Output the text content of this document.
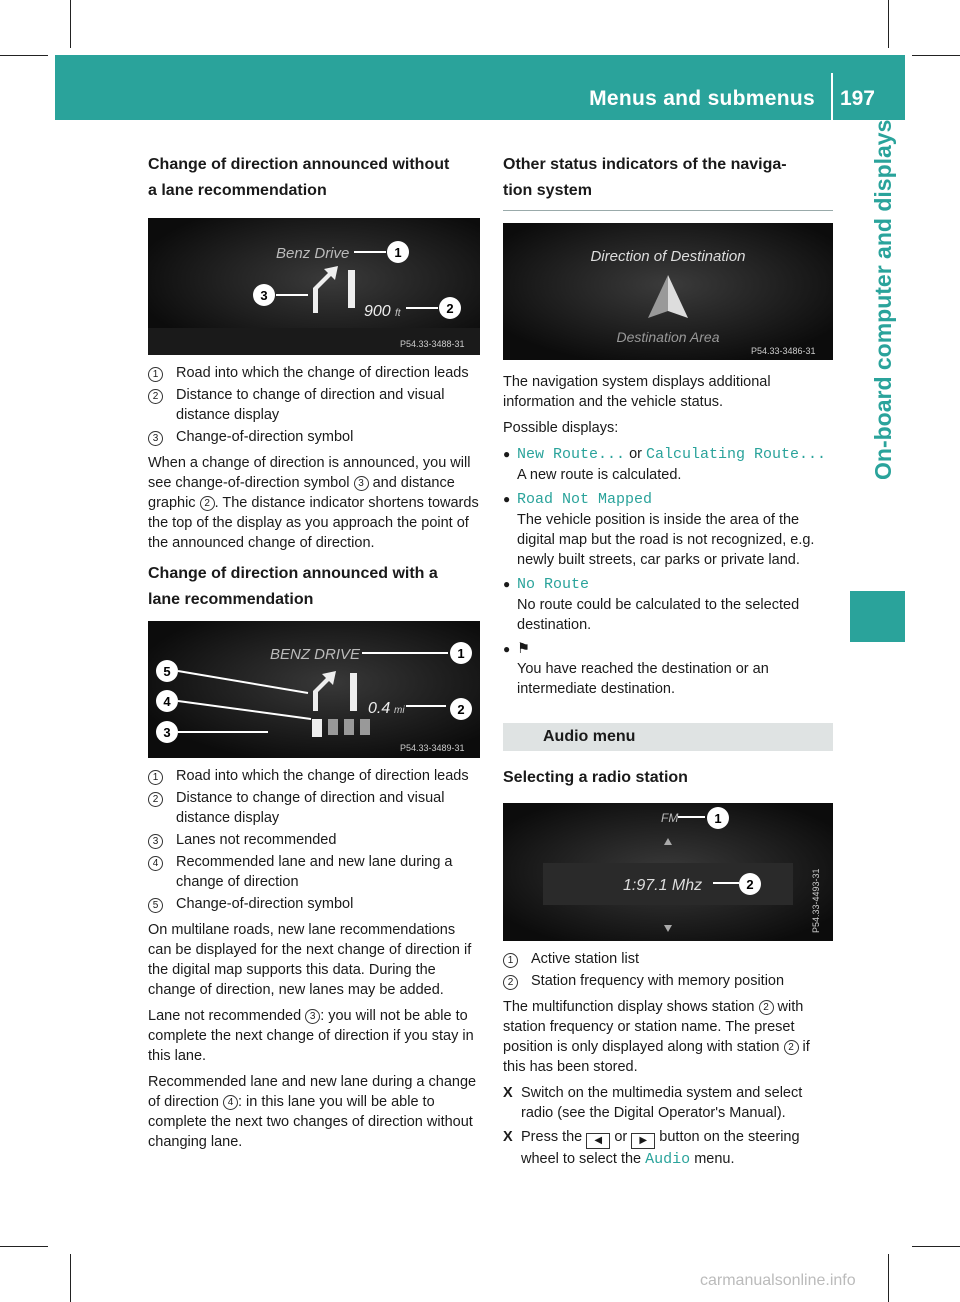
Menus and submenus 197
On-board computer and displays
Change of direction announced without
a lane recommendation
Benz Drive	1
3
900 ft	2
P54.33-3488-31
1	Road into which the change of direction leads
2	Distance to change of direction and visual distance display
3	Change-of-direction symbol

When a change of direction is announced, you will see change-of-direction symbol 3 and distance graphic 2 . The distance indicator shortens towards the top of the display as you approach the point of the announced change of direction.

Change of direction announced with a
lane recommendation
BENZ DRIVE	1
5
4
3
0.4 mi	2
P54.33-3489-31
1	Road into which the change of direction leads
2	Distance to change of direction and visual distance display
3	Lanes not recommended
4	Recommended lane and new lane during a change of direction
5	Change-of-direction symbol

On multilane roads, new lane recommendations can be displayed for the next change of direction if the digital map supports this data. During the change of direction, new lanes may be added.

Lane not recommended 3 : you will not be able to complete the next change of direction if you stay in this lane.

Recommended lane and new lane during a change of direction 4 : in this lane you will be able to complete the next two changes of direction without changing lane.

Other status indicators of the naviga-
tion system
Direction of Destination
Destination Area
P54.33-3486-31

The navigation system displays additional information and the vehicle status.

Possible displays:

● New Route... or Calculating Route...
A new route is calculated.
● Road Not Mapped
The vehicle position is inside the area of the digital map but the road is not recognized, e.g. newly built streets, car parks or private land.
● No Route
No route could be calculated to the selected destination.
● ⚑
You have reached the destination or an intermediate destination.
Audio menu
Selecting a radio station
FM	1
1:97.1 Mhz	2	P54.33-4493-31
1	Active station list
2	Station frequency with memory position

The multifunction display shows station 2 with station frequency or station name. The preset position is only displayed along with station 2 if this has been stored.

X Switch on the multimedia system and select radio (see the Digital Operator's Manual).
X Press the ◀ or ▶ button on the steering wheel to select the Audio menu.
carmanualsonline.info
